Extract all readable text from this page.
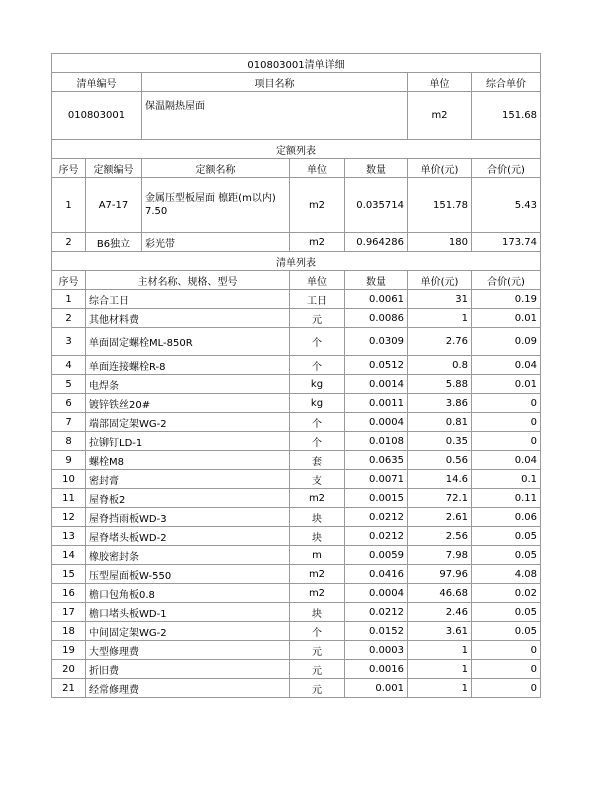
010803001清单详细						
清单编号		项目名称			单位	综合单价
010803001		保温隔热屋面			m2	151.68
定额列表						
序号	定额编号	定额名称	单位	数量	单价(元)	合价(元)
1	A7-17	金属压型板屋面 檩距(m以内) 7.50	m2	0.035714	151.78	5.43
2	B6独立	彩光带	m2	0.964286	180	173.74
清单列表						
序号	主材名称、规格、型号		单位	数量	单价(元)	合价(元)
1	综合工日		工日	0.0061	31	0.19
2	其他材料费		元	0.0086	1	0.01
3	单面固定螺栓ML-850R		个	0.0309	2.76	0.09
4	单面连接螺栓R-8		个	0.0512	0.8	0.04
5	电焊条		kg	0.0014	5.88	0.01
6	镀锌铁丝20#		kg	0.0011	3.86	0
7	端部固定架WG-2		个	0.0004	0.81	0
8	拉铆钉LD-1		个	0.0108	0.35	0
9	螺栓M8		套	0.0635	0.56	0.04
10	密封膏		支	0.0071	14.6	0.1
11	屋脊板2		m2	0.0015	72.1	0.11
12	屋脊挡雨板WD-3		块	0.0212	2.61	0.06
13	屋脊堵头板WD-2		块	0.0212	2.56	0.05
14	橡胶密封条		m	0.0059	7.98	0.05
15	压型屋面板W-550		m2	0.0416	97.96	4.08
16	檐口包角板0.8		m2	0.0004	46.68	0.02
17	檐口堵头板WD-1		块	0.0212	2.46	0.05
18	中间固定架WG-2		个	0.0152	3.61	0.05
19	大型修理费		元	0.0003	1	0
20	折旧费		元	0.0016	1	0
21	经常修理费		元	0.001	1	0
